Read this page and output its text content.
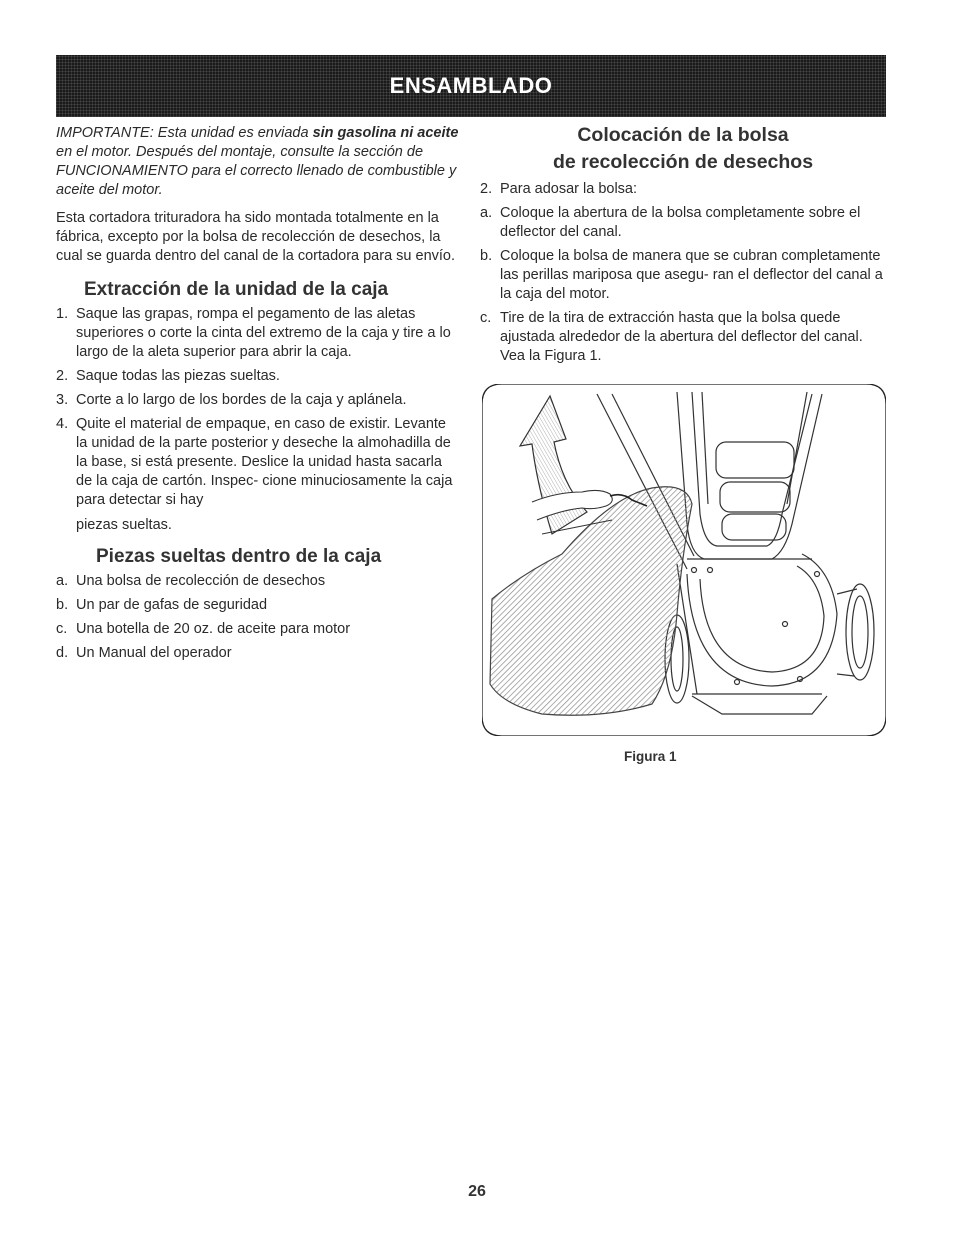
ENSAMBLADO

IMPORTANTE: Esta unidad es enviada sin gasolina ni aceite en el motor. Después del montaje, consulte la sección de FUNCIONAMIENTO para el correcto llenado de combustible y aceite del motor.

Esta cortadora trituradora ha sido montada totalmente en la fábrica, excepto por la bolsa de recolección de desechos, la cual se guarda dentro del canal de la cortadora para su envío.

Extracción de la unidad de la caja
1. Saque las grapas, rompa el pegamento de las aletas superiores o corte la cinta del extremo de la caja y tire a lo largo de la aleta superior para abrir la caja.
2. Saque todas las piezas sueltas.
3. Corte a lo largo de los bordes de la caja y aplánela.
4. Quite el material de empaque, en caso de existir. Levante la unidad de la parte posterior y deseche la almohadilla de la base, si está presente. Deslice la unidad hasta sacarla de la caja de cartón. Inspec- cione minuciosamente la caja para detectar si hay

piezas sueltas.

Piezas sueltas dentro de la caja
a. Una bolsa de recolección de desechos
b. Un par de gafas de seguridad
c. Una botella de 20 oz. de aceite para motor
d. Un Manual del operador
Colocación de la bolsa
de recolección de desechos
2. Para adosar la bolsa:
a. Coloque la abertura de la bolsa completamente sobre el deflector del canal.
b. Coloque la bolsa de manera que se cubran completamente las perillas mariposa que asegu- ran el deflector del canal a la caja del motor.
c. Tire de la tira de extracción hasta que la bolsa quede ajustada alrededor de la abertura del deflector del canal. Vea la Figura 1.
Figura 1
26
